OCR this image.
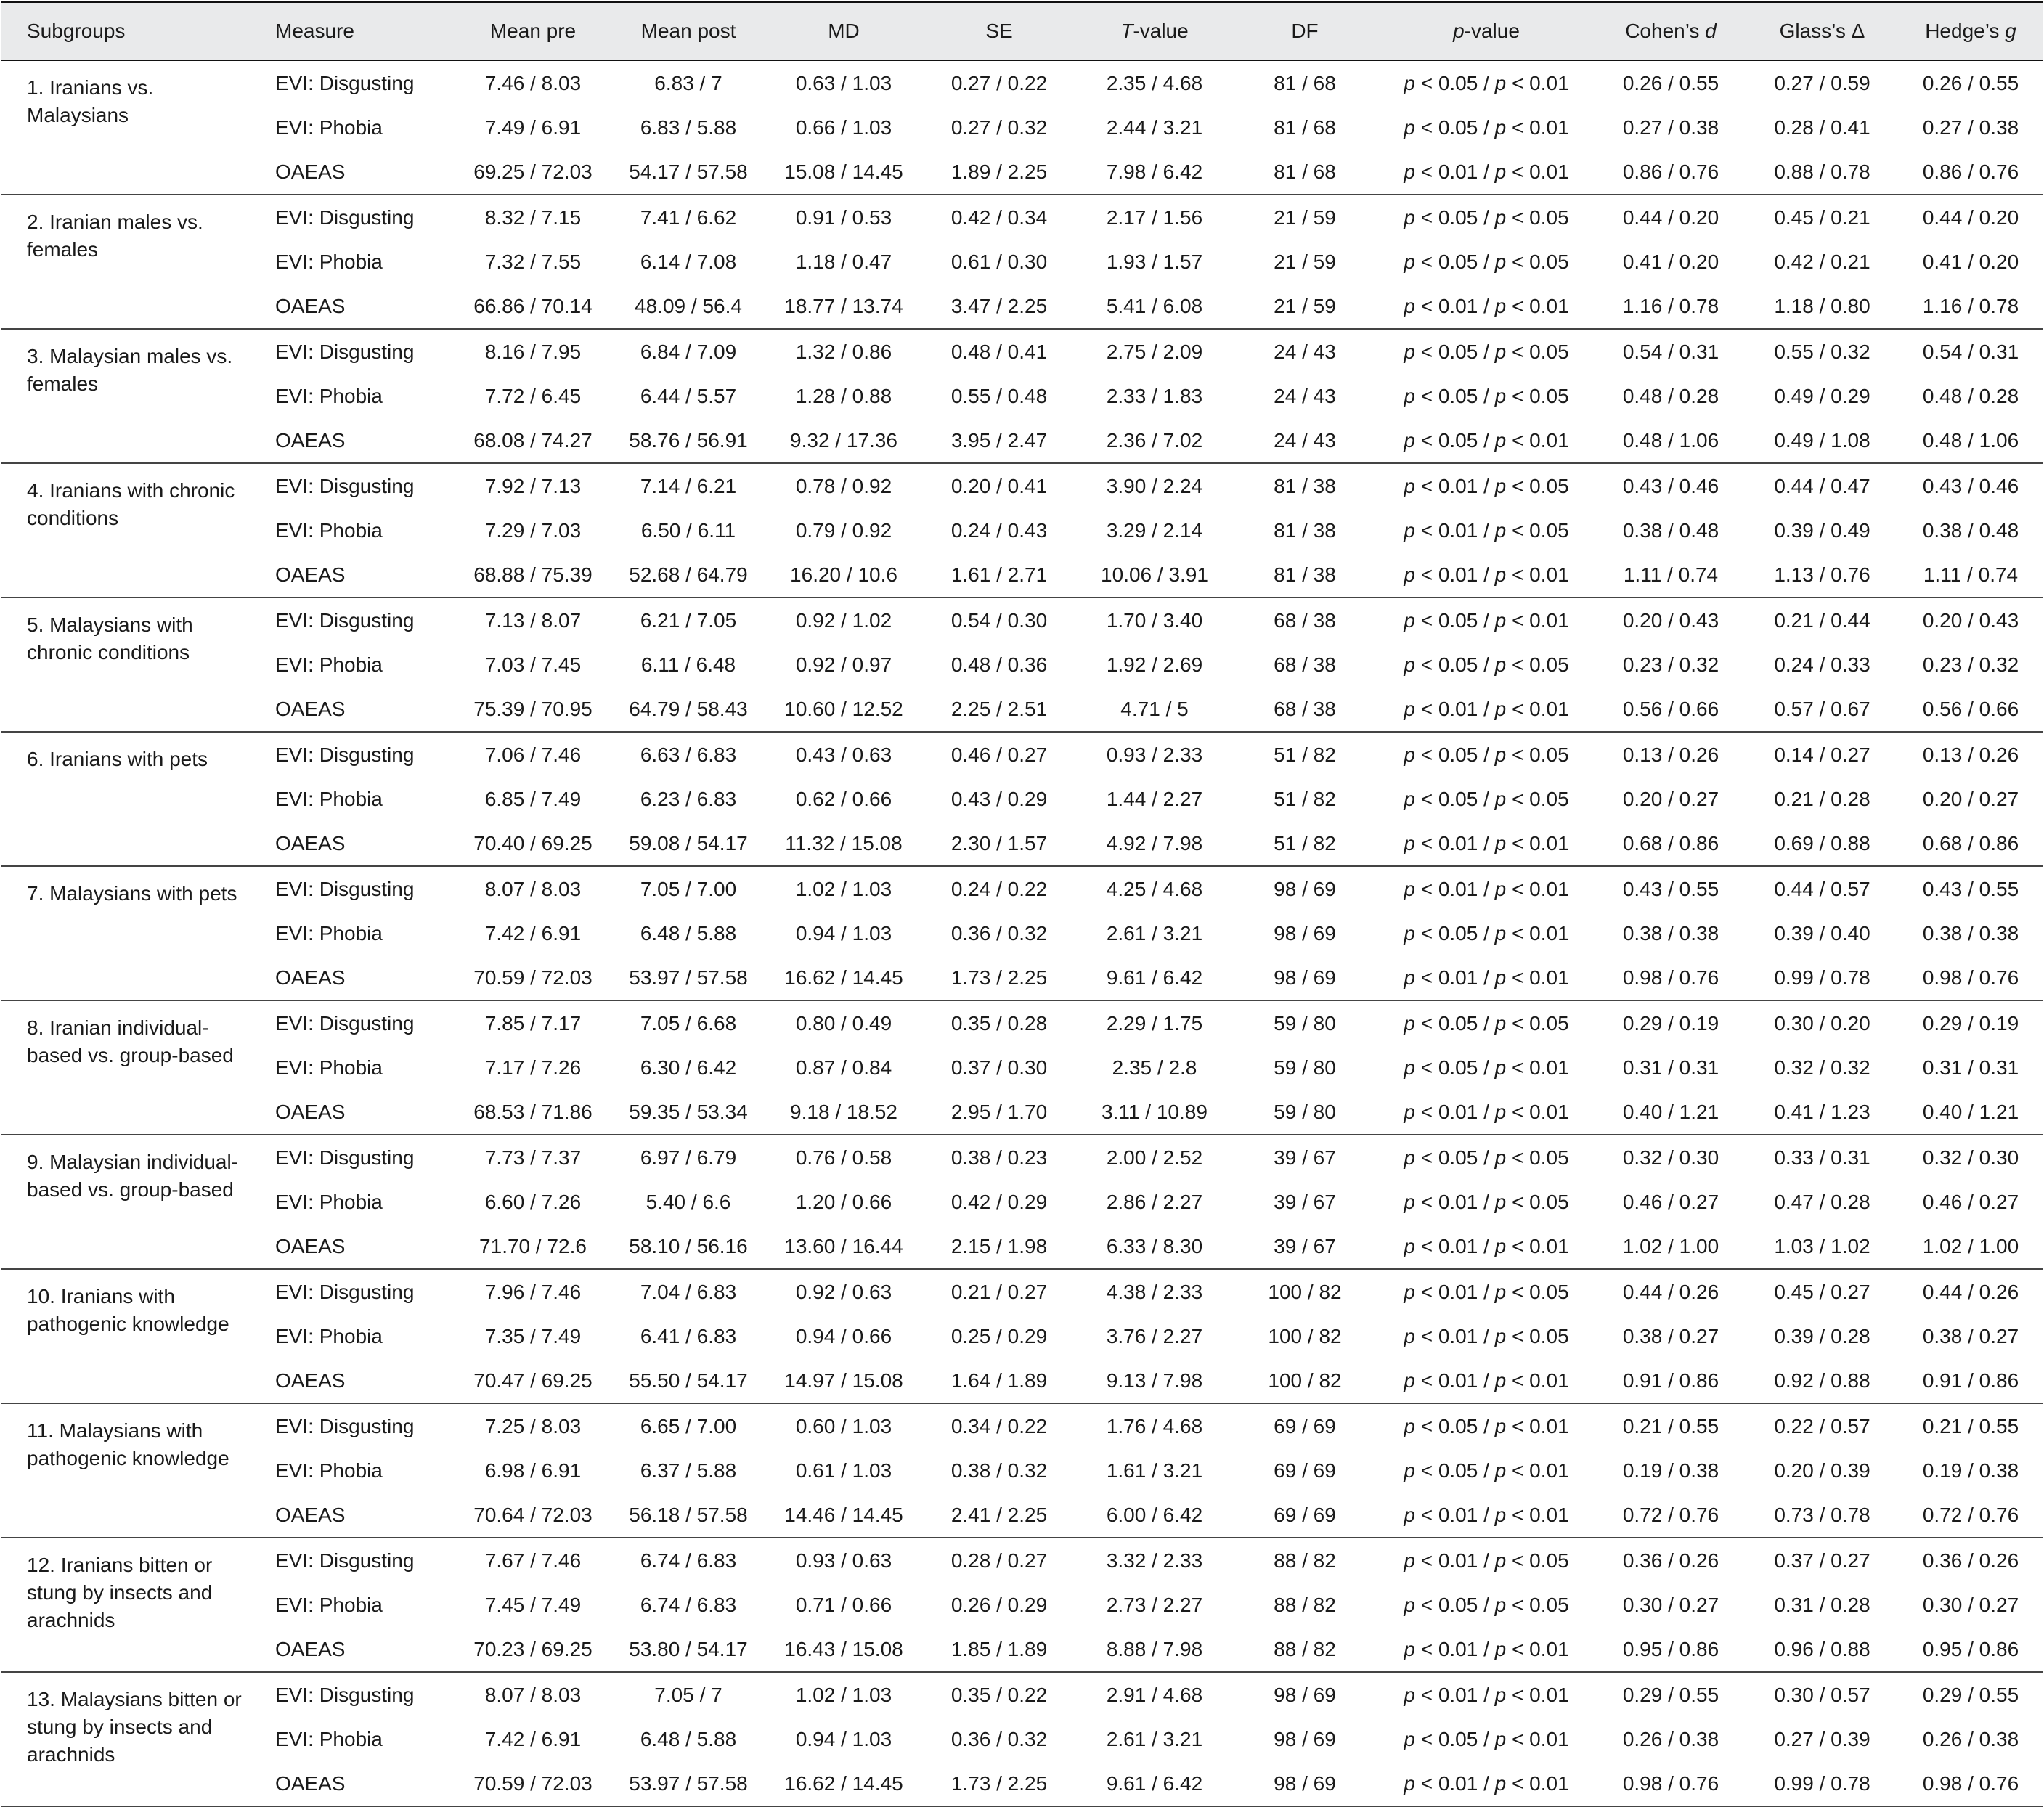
Subgroups	Measure	Mean pre	Mean post	MD	SE	T-value	DF	p-value	Cohen’s d	Glass’s Δ	Hedge’s g
1. Iranians vs. Malaysians	EVI: Disgusting	7.46 / 8.03	6.83 / 7	0.63 / 1.03	0.27 / 0.22	2.35 / 4.68	81 / 68	p < 0.05 / p < 0.01	0.26 / 0.55	0.27 / 0.59	0.26 / 0.55
	EVI: Phobia	7.49 / 6.91	6.83 / 5.88	0.66 / 1.03	0.27 / 0.32	2.44 / 3.21	81 / 68	p < 0.05 / p < 0.01	0.27 / 0.38	0.28 / 0.41	0.27 / 0.38
	OAEAS	69.25 / 72.03	54.17 / 57.58	15.08 / 14.45	1.89 / 2.25	7.98 / 6.42	81 / 68	p < 0.01 / p < 0.01	0.86 / 0.76	0.88 / 0.78	0.86 / 0.76
2. Iranian males vs. females	EVI: Disgusting	8.32 / 7.15	7.41 / 6.62	0.91 / 0.53	0.42 / 0.34	2.17 / 1.56	21 / 59	p < 0.05 / p < 0.05	0.44 / 0.20	0.45 / 0.21	0.44 / 0.20
	EVI: Phobia	7.32 / 7.55	6.14 / 7.08	1.18 / 0.47	0.61 / 0.30	1.93 / 1.57	21 / 59	p < 0.05 / p < 0.05	0.41 / 0.20	0.42 / 0.21	0.41 / 0.20
	OAEAS	66.86 / 70.14	48.09 / 56.4	18.77 / 13.74	3.47 / 2.25	5.41 / 6.08	21 / 59	p < 0.01 / p < 0.01	1.16 / 0.78	1.18 / 0.80	1.16 / 0.78
3. Malaysian males vs. females	EVI: Disgusting	8.16 / 7.95	6.84 / 7.09	1.32 / 0.86	0.48 / 0.41	2.75 / 2.09	24 / 43	p < 0.05 / p < 0.05	0.54 / 0.31	0.55 / 0.32	0.54 / 0.31
	EVI: Phobia	7.72 / 6.45	6.44 / 5.57	1.28 / 0.88	0.55 / 0.48	2.33 / 1.83	24 / 43	p < 0.05 / p < 0.05	0.48 / 0.28	0.49 / 0.29	0.48 / 0.28
	OAEAS	68.08 / 74.27	58.76 / 56.91	9.32 / 17.36	3.95 / 2.47	2.36 / 7.02	24 / 43	p < 0.05 / p < 0.01	0.48 / 1.06	0.49 / 1.08	0.48 / 1.06
4. Iranians with chronic conditions	EVI: Disgusting	7.92 / 7.13	7.14 / 6.21	0.78 / 0.92	0.20 / 0.41	3.90 / 2.24	81 / 38	p < 0.01 / p < 0.05	0.43 / 0.46	0.44 / 0.47	0.43 / 0.46
	EVI: Phobia	7.29 / 7.03	6.50 / 6.11	0.79 / 0.92	0.24 / 0.43	3.29 / 2.14	81 / 38	p < 0.01 / p < 0.05	0.38 / 0.48	0.39 / 0.49	0.38 / 0.48
	OAEAS	68.88 / 75.39	52.68 / 64.79	16.20 / 10.6	1.61 / 2.71	10.06 / 3.91	81 / 38	p < 0.01 / p < 0.01	1.11 / 0.74	1.13 / 0.76	1.11 / 0.74
5. Malaysians with chronic conditions	EVI: Disgusting	7.13 / 8.07	6.21 / 7.05	0.92 / 1.02	0.54 / 0.30	1.70 / 3.40	68 / 38	p < 0.05 / p < 0.01	0.20 / 0.43	0.21 / 0.44	0.20 / 0.43
	EVI: Phobia	7.03 / 7.45	6.11 / 6.48	0.92 / 0.97	0.48 / 0.36	1.92 / 2.69	68 / 38	p < 0.05 / p < 0.05	0.23 / 0.32	0.24 / 0.33	0.23 / 0.32
	OAEAS	75.39 / 70.95	64.79 / 58.43	10.60 / 12.52	2.25 / 2.51	4.71 / 5	68 / 38	p < 0.01 / p < 0.01	0.56 / 0.66	0.57 / 0.67	0.56 / 0.66
6. Iranians with pets	EVI: Disgusting	7.06 / 7.46	6.63 / 6.83	0.43 / 0.63	0.46 / 0.27	0.93 / 2.33	51 / 82	p < 0.05 / p < 0.05	0.13 / 0.26	0.14 / 0.27	0.13 / 0.26
	EVI: Phobia	6.85 / 7.49	6.23 / 6.83	0.62 / 0.66	0.43 / 0.29	1.44 / 2.27	51 / 82	p < 0.05 / p < 0.05	0.20 / 0.27	0.21 / 0.28	0.20 / 0.27
	OAEAS	70.40 / 69.25	59.08 / 54.17	11.32 / 15.08	2.30 / 1.57	4.92 / 7.98	51 / 82	p < 0.01 / p < 0.01	0.68 / 0.86	0.69 / 0.88	0.68 / 0.86
7. Malaysians with pets	EVI: Disgusting	8.07 / 8.03	7.05 / 7.00	1.02 / 1.03	0.24 / 0.22	4.25 / 4.68	98 / 69	p < 0.01 / p < 0.01	0.43 / 0.55	0.44 / 0.57	0.43 / 0.55
	EVI: Phobia	7.42 / 6.91	6.48 / 5.88	0.94 / 1.03	0.36 / 0.32	2.61 / 3.21	98 / 69	p < 0.05 / p < 0.01	0.38 / 0.38	0.39 / 0.40	0.38 / 0.38
	OAEAS	70.59 / 72.03	53.97 / 57.58	16.62 / 14.45	1.73 / 2.25	9.61 / 6.42	98 / 69	p < 0.01 / p < 0.01	0.98 / 0.76	0.99 / 0.78	0.98 / 0.76
8. Iranian individual-based vs. group-based	EVI: Disgusting	7.85 / 7.17	7.05 / 6.68	0.80 / 0.49	0.35 / 0.28	2.29 / 1.75	59 / 80	p < 0.05 / p < 0.05	0.29 / 0.19	0.30 / 0.20	0.29 / 0.19
	EVI: Phobia	7.17 / 7.26	6.30 / 6.42	0.87 / 0.84	0.37 / 0.30	2.35 / 2.8	59 / 80	p < 0.05 / p < 0.01	0.31 / 0.31	0.32 / 0.32	0.31 / 0.31
	OAEAS	68.53 / 71.86	59.35 / 53.34	9.18 / 18.52	2.95 / 1.70	3.11 / 10.89	59 / 80	p < 0.01 / p < 0.01	0.40 / 1.21	0.41 / 1.23	0.40 / 1.21
9. Malaysian individual-based vs. group-based	EVI: Disgusting	7.73 / 7.37	6.97 / 6.79	0.76 / 0.58	0.38 / 0.23	2.00 / 2.52	39 / 67	p < 0.05 / p < 0.05	0.32 / 0.30	0.33 / 0.31	0.32 / 0.30
	EVI: Phobia	6.60 / 7.26	5.40 / 6.6	1.20 / 0.66	0.42 / 0.29	2.86 / 2.27	39 / 67	p < 0.01 / p < 0.05	0.46 / 0.27	0.47 / 0.28	0.46 / 0.27
	OAEAS	71.70 / 72.6	58.10 / 56.16	13.60 / 16.44	2.15 / 1.98	6.33 / 8.30	39 / 67	p < 0.01 / p < 0.01	1.02 / 1.00	1.03 / 1.02	1.02 / 1.00
10. Iranians with pathogenic knowledge	EVI: Disgusting	7.96 / 7.46	7.04 / 6.83	0.92 / 0.63	0.21 / 0.27	4.38 / 2.33	100 / 82	p < 0.01 / p < 0.05	0.44 / 0.26	0.45 / 0.27	0.44 / 0.26
	EVI: Phobia	7.35 / 7.49	6.41 / 6.83	0.94 / 0.66	0.25 / 0.29	3.76 / 2.27	100 / 82	p < 0.01 / p < 0.05	0.38 / 0.27	0.39 / 0.28	0.38 / 0.27
	OAEAS	70.47 / 69.25	55.50 / 54.17	14.97 / 15.08	1.64 / 1.89	9.13 / 7.98	100 / 82	p < 0.01 / p < 0.01	0.91 / 0.86	0.92 / 0.88	0.91 / 0.86
11. Malaysians with pathogenic knowledge	EVI: Disgusting	7.25 / 8.03	6.65 / 7.00	0.60 / 1.03	0.34 / 0.22	1.76 / 4.68	69 / 69	p < 0.05 / p < 0.01	0.21 / 0.55	0.22 / 0.57	0.21 / 0.55
	EVI: Phobia	6.98 / 6.91	6.37 / 5.88	0.61 / 1.03	0.38 / 0.32	1.61 / 3.21	69 / 69	p < 0.05 / p < 0.01	0.19 / 0.38	0.20 / 0.39	0.19 / 0.38
	OAEAS	70.64 / 72.03	56.18 / 57.58	14.46 / 14.45	2.41 / 2.25	6.00 / 6.42	69 / 69	p < 0.01 / p < 0.01	0.72 / 0.76	0.73 / 0.78	0.72 / 0.76
12. Iranians bitten or stung by insects and arachnids	EVI: Disgusting	7.67 / 7.46	6.74 / 6.83	0.93 / 0.63	0.28 / 0.27	3.32 / 2.33	88 / 82	p < 0.01 / p < 0.05	0.36 / 0.26	0.37 / 0.27	0.36 / 0.26
	EVI: Phobia	7.45 / 7.49	6.74 / 6.83	0.71 / 0.66	0.26 / 0.29	2.73 / 2.27	88 / 82	p < 0.05 / p < 0.05	0.30 / 0.27	0.31 / 0.28	0.30 / 0.27
	OAEAS	70.23 / 69.25	53.80 / 54.17	16.43 / 15.08	1.85 / 1.89	8.88 / 7.98	88 / 82	p < 0.01 / p < 0.01	0.95 / 0.86	0.96 / 0.88	0.95 / 0.86
13. Malaysians bitten or stung by insects and arachnids	EVI: Disgusting	8.07 / 8.03	7.05 / 7	1.02 / 1.03	0.35 / 0.22	2.91 / 4.68	98 / 69	p < 0.01 / p < 0.01	0.29 / 0.55	0.30 / 0.57	0.29 / 0.55
	EVI: Phobia	7.42 / 6.91	6.48 / 5.88	0.94 / 1.03	0.36 / 0.32	2.61 / 3.21	98 / 69	p < 0.05 / p < 0.01	0.26 / 0.38	0.27 / 0.39	0.26 / 0.38
	OAEAS	70.59 / 72.03	53.97 / 57.58	16.62 / 14.45	1.73 / 2.25	9.61 / 6.42	98 / 69	p < 0.01 / p < 0.01	0.98 / 0.76	0.99 / 0.78	0.98 / 0.76
